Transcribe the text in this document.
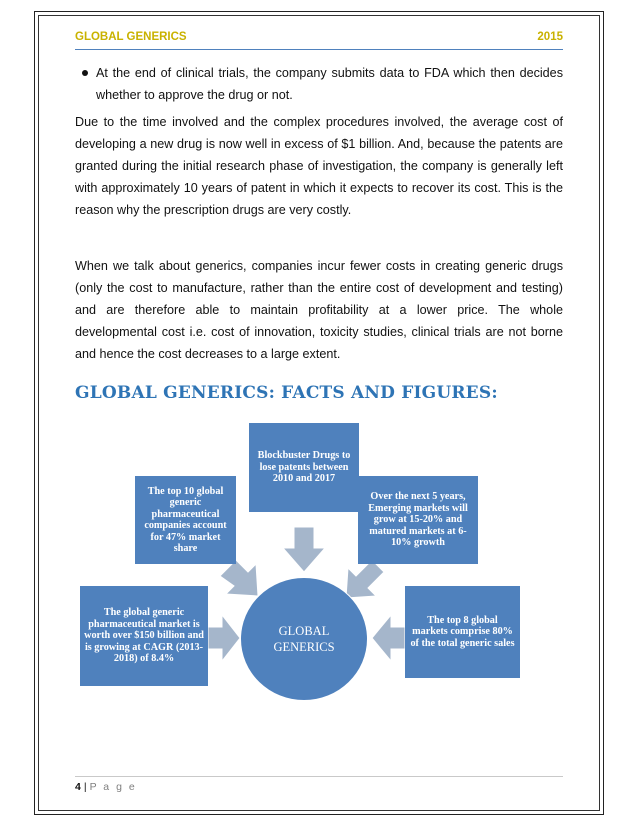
GLOBAL GENERICS	2015
At the end of clinical trials, the company submits data to FDA which then decides whether to approve the drug or not.
Due to the time involved and the complex procedures involved, the average cost of developing a new drug is now well in excess of $1 billion. And, because the patents are granted during the initial research phase of investigation, the company is generally left with approximately 10 years of patent in which it expects to recover its cost. This is the reason why the prescription drugs are very costly.
When we talk about generics, companies incur fewer costs in creating generic drugs (only the cost to manufacture, rather than the entire cost of development and testing) and are therefore able to maintain profitability at a lower price. The whole developmental cost i.e. cost of innovation, toxicity studies, clinical trials are not borne and hence the cost decreases to a large extent.
GLOBAL GENERICS: FACTS AND FIGURES:
Blockbuster Drugs to lose patents between 2010 and 2017
The top 10 global generic pharmaceutical companies account for 47% market share
Over the next 5 years, Emerging markets will grow at 15-20% and matured markets at 6-10% growth
The global generic pharmaceutical market is worth over $150 billion and is growing at CAGR (2013-2018) of 8.4%
The top 8 global markets comprise 80% of the total generic sales
GLOBAL
GENERICS
4 | P a g e
